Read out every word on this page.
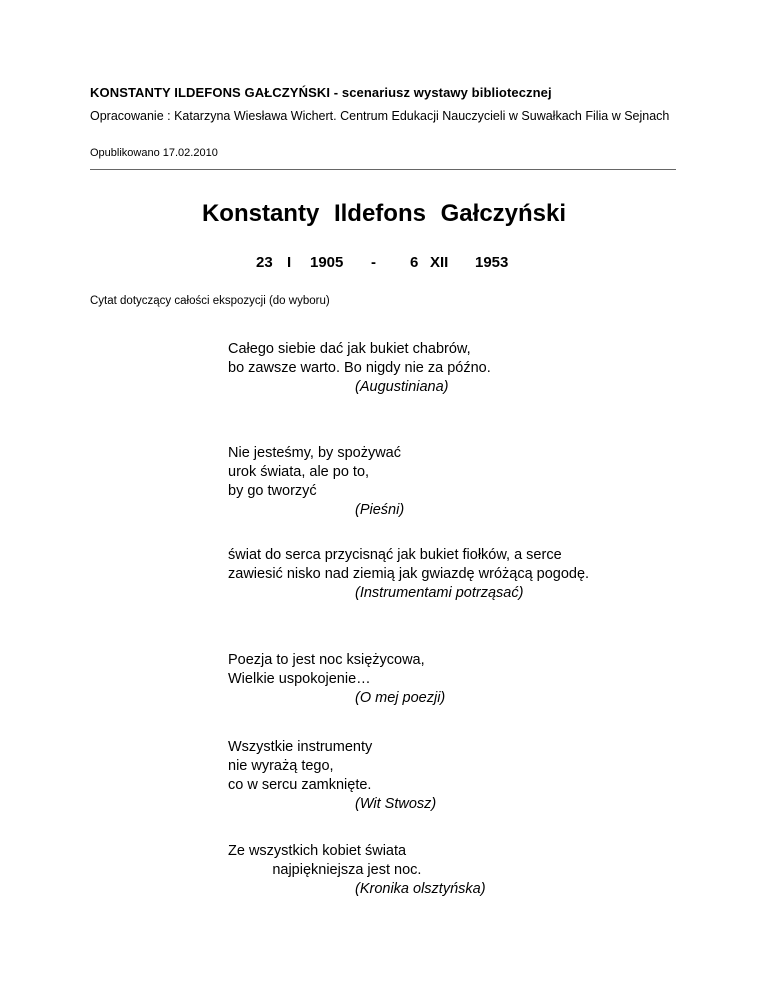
KONSTANTY ILDEFONS GAŁCZYŃSKI - scenariusz wystawy bibliotecznej
Opracowanie : Katarzyna Wiesława Wichert. Centrum Edukacji Nauczycieli w Suwałkach Filia w Sejnach
Opublikowano 17.02.2010
Konstanty Ildefons Gałczyński
23 I 1905 - 6 XII 1953
Cytat dotyczący całości ekspozycji (do wyboru)
Całego siebie dać jak bukiet chabrów,
bo zawsze warto. Bo nigdy nie za późno.
(Augustiniana)
Nie jesteśmy, by spożywać
urok świata, ale po to,
by go tworzyć
(Pieśni)
świat do serca przycisnąć jak bukiet fiołków, a serce
zawiesić nisko nad ziemią jak gwiazdę wróżącą pogodę.
(Instrumentami potrząsać)
Poezja to jest noc księżycowa,
Wielkie uspokojenie…
(O mej poezji)
Wszystkie instrumenty
nie wyrażą tego,
co w sercu zamknięte.
(Wit Stwosz)
Ze wszystkich kobiet świata
najpiękniejsza jest noc.
(Kronika olsztyńska)
